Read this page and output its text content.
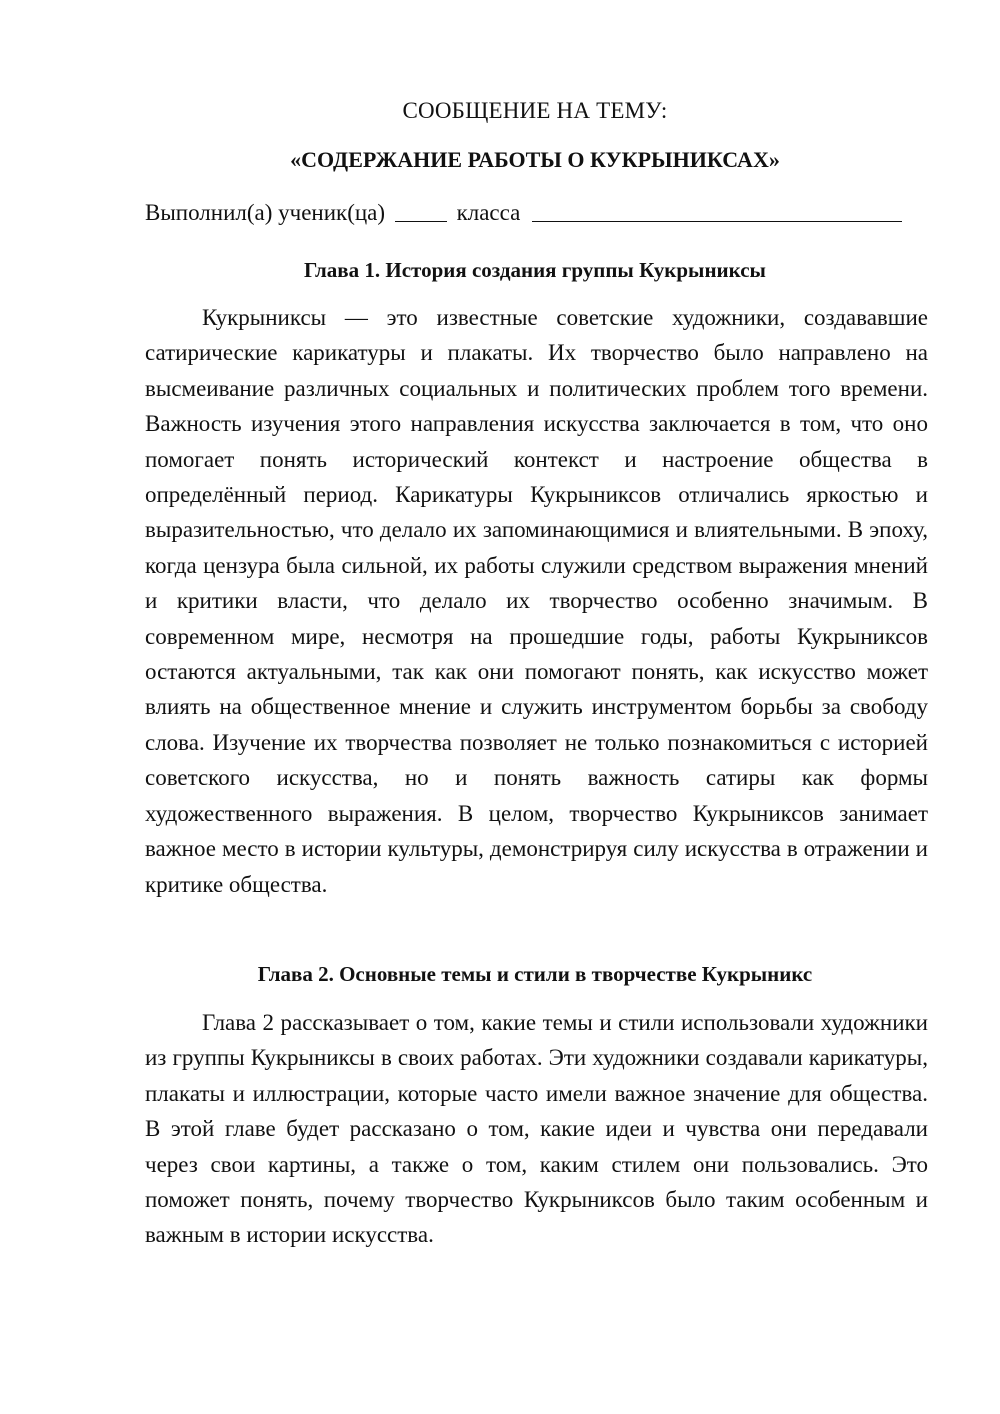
СООБЩЕНИЕ НА ТЕМУ:
«СОДЕРЖАНИЕ РАБОТЫ О КУКРЫНИКСАХ»
Выполнил(а) ученик(ца)	класса
Глава 1. История создания группы Кукрыниксы
Кукрыниксы — это известные советские художники, создававшие сатирические карикатуры и плакаты. Их творчество было направлено на высмеивание различных социальных и политических проблем того времени. Важность изучения этого направления искусства заключается в том, что оно помогает понять исторический контекст и настроение общества в определённый период. Карикатуры Кукрыниксов отличались яркостью и выразительностью, что делало их запоминающимися и влиятельными. В эпоху, когда цензура была сильной, их работы служили средством выражения мнений и критики власти, что делало их творчество особенно значимым. В современном мире, несмотря на прошедшие годы, работы Кукрыниксов остаются актуальными, так как они помогают понять, как искусство может влиять на общественное мнение и служить инструментом борьбы за свободу слова. Изучение их творчества позволяет не только познакомиться с историей советского искусства, но и понять важность сатиры как формы художественного выражения. В целом, творчество Кукрыниксов занимает важное место в истории культуры, демонстрируя силу искусства в отражении и критике общества.
Глава 2. Основные темы и стили в творчестве Кукрыникс
Глава 2 рассказывает о том, какие темы и стили использовали художники из группы Кукрыниксы в своих работах. Эти художники создавали карикатуры, плакаты и иллюстрации, которые часто имели важное значение для общества. В этой главе будет рассказано о том, какие идеи и чувства они передавали через свои картины, а также о том, каким стилем они пользовались. Это поможет понять, почему творчество Кукрыниксов было таким особенным и важным в истории искусства.
